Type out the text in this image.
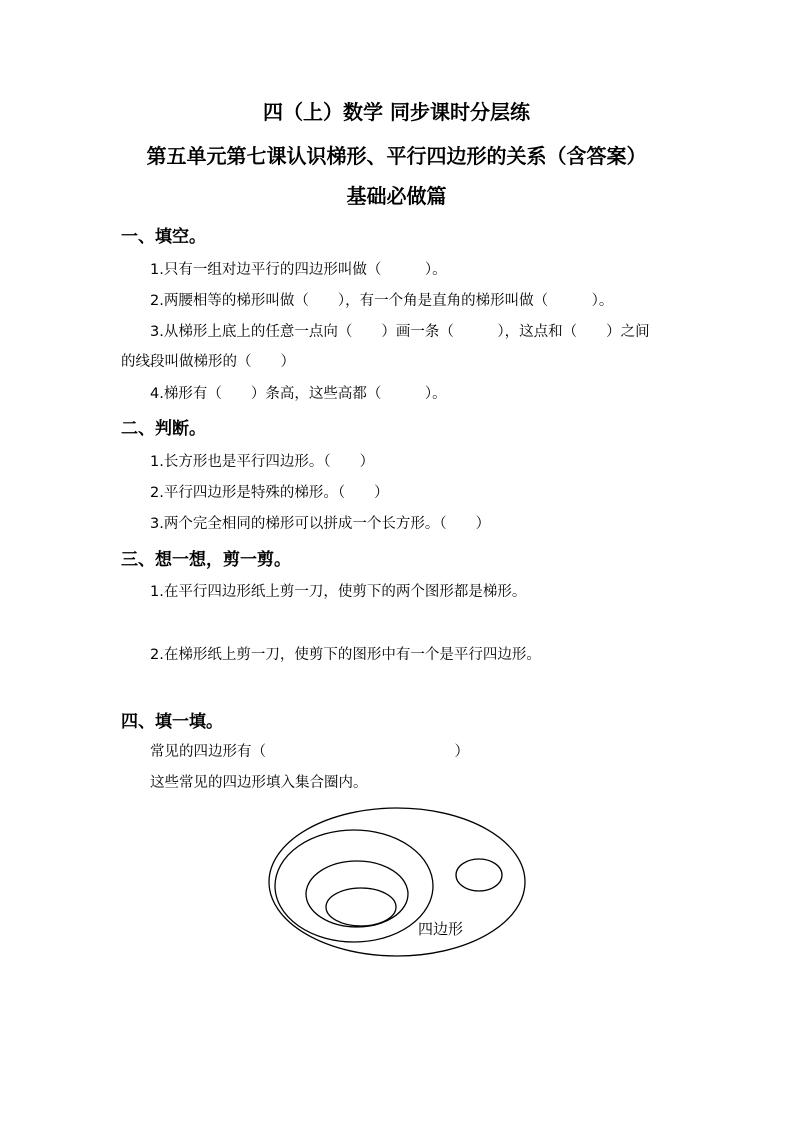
四（上）数学 同步课时分层练
第五单元第七课认识梯形、平行四边形的关系（含答案）
基础必做篇
一、填空。
1.只有一组对边平行的四边形叫做（　　　）。
2.两腰相等的梯形叫做（　　），有一个角是直角的梯形叫做（　　　）。
3.从梯形上底上的任意一点向（　　）画一条（　　　），这点和（　　）之间
的线段叫做梯形的（　　）
4.梯形有（　　）条高，这些高都（　　　）。
二、判断。
1.长方形也是平行四边形。（　　）
2.平行四边形是特殊的梯形。（　　）
3.两个完全相同的梯形可以拼成一个长方形。（　　）
三、想一想，剪一剪。
1.在平行四边形纸上剪一刀，使剪下的两个图形都是梯形。
2.在梯形纸上剪一刀，使剪下的图形中有一个是平行四边形。
四、填一填。
常见的四边形有（　　　　　　　　　　　　　）
这些常见的四边形填入集合圈内。
四边形
